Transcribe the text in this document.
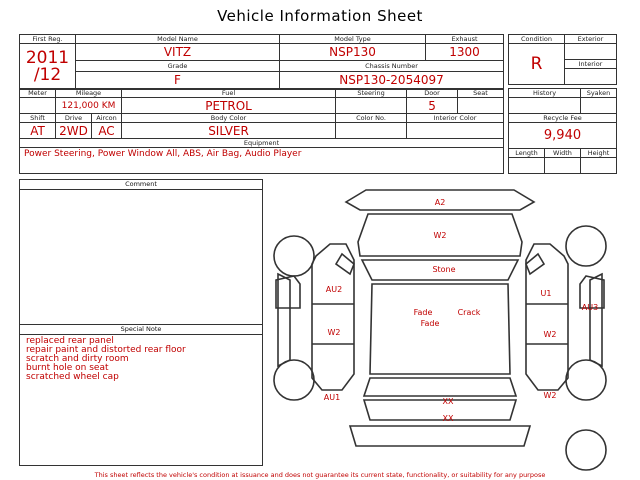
Vehicle Information Sheet
First Reg.	Model Name	Model Type	Exhaust

2011
/12	VITZ	NSP130	1300
	Grade	Chassis Number	
	F	NSP130-2054097	
Meter	Mileage		Fuel	Steering	Door	Seat
	121,000 KM		PETROL		5	
Shift	Drive	Aircon	Body Color	Color No.	Interior Color	
AT	2WD	AC	SILVER			
Equipment						
Power Steering, Power Window All, ABS, Air Bag, Audio Player						
Condition	Exterior
R	
	Interior

History		Syaken

Recycle Fee		
9,940		
Length	Width	Height

Comment
Special Note
replaced rear panel
repair paint and distorted rear floor
scratch and dirty room
burnt hole on seat
scratched wheel cap
A2
W2
Stone
AU2	U1
AU3
Fade	Crack
Fade
W2	W2
AU1	XX
XX
W2
This sheet reflects the vehicle's condition at issuance and does not guarantee its current state, functionality, or suitability for any purpose
